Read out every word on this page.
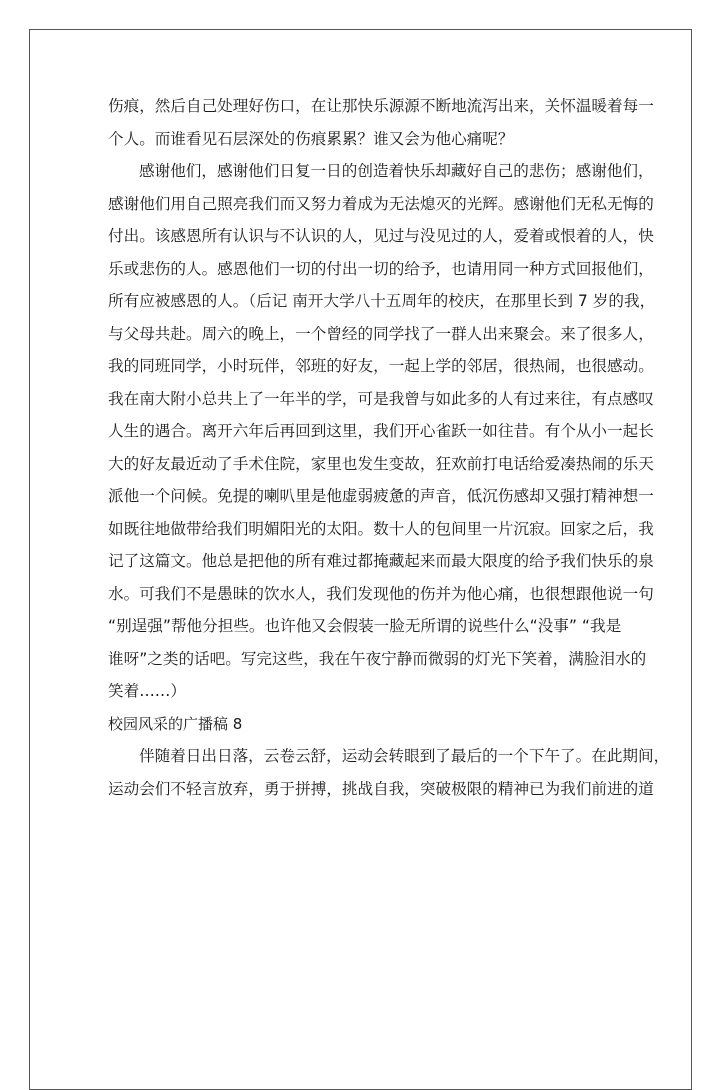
伤痕，然后自己处理好伤口，在让那快乐源源不断地流泻出来，关怀温暖着每一
个人。而谁看见石层深处的伤痕累累？谁又会为他心痛呢？
感谢他们，感谢他们日复一日的创造着快乐却藏好自己的悲伤；感谢他们，
感谢他们用自己照亮我们而又努力着成为无法熄灭的光辉。感谢他们无私无悔的
付出。该感恩所有认识与不认识的人，见过与没见过的人，爱着或恨着的人，快
乐或悲伤的人。感恩他们一切的付出一切的给予，也请用同一种方式回报他们，
所有应被感恩的人。（后记 南开大学八十五周年的校庆，在那里长到 7 岁的我，
与父母共赴。周六的晚上，一个曾经的同学找了一群人出来聚会。来了很多人，
我的同班同学，小时玩伴，邻班的好友，一起上学的邻居，很热闹，也很感动。
我在南大附小总共上了一年半的学，可是我曾与如此多的人有过来往，有点感叹
人生的遇合。离开六年后再回到这里，我们开心雀跃一如往昔。有个从小一起长
大的好友最近动了手术住院，家里也发生变故，狂欢前打电话给爱凑热闹的乐天
派他一个问候。免提的喇叭里是他虚弱疲惫的声音，低沉伤感却又强打精神想一
如既往地做带给我们明媚阳光的太阳。数十人的包间里一片沉寂。回家之后，我
记了这篇文。他总是把他的所有难过都掩藏起来而最大限度的给予我们快乐的泉
水。可我们不是愚昧的饮水人，我们发现他的伤并为他心痛，也很想跟他说一句
“别逞强”帮他分担些。也许他又会假装一脸无所谓的说些什么“没事” “我是
谁呀”之类的话吧。写完这些，我在午夜宁静而微弱的灯光下笑着，满脸泪水的
笑着……）
校园风采的广播稿 8
伴随着日出日落，云卷云舒，运动会转眼到了最后的一个下午了。在此期间，
运动会们不轻言放弃，勇于拼搏，挑战自我，突破极限的精神已为我们前进的道
